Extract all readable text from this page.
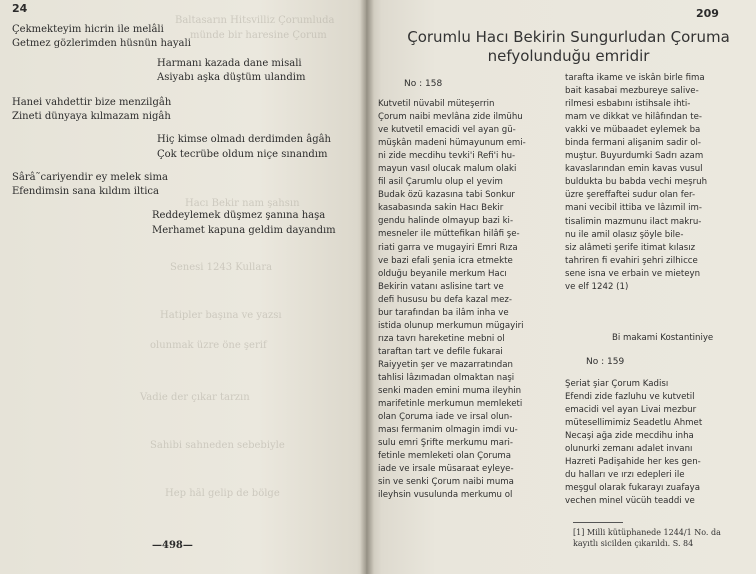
24
Baltasarın Hitsvilliz Çorumluda
münde bir haresine Çorum
Hacı Bekir nam şahsın
Senesi 1243 Kullara
Hatipler başına ve yazsı
olunmak üzre öne şerif
Vadie der çıkar tarzın
Sahibi sahneden sebebiyle
Hep hâl gelip de bölge
Çekmekteyim hicrin ile melâli
Getmez gözlerimden hüsnün hayali
Harmanı kazada dane misali
Asiyabı aşka düştüm ulandim
Hanei vahdettir bize menzilgâh
Zineti dünyaya kılmazam nigâh
Hiç kimse olmadı derdimden âgâh
Çok tecrübe oldum niçe sınandım
Sârâ˜cariyendir ey melek sima
Efendimsin sana kıldım iltica
Reddeylemek düşmez şanına haşa
Merhamet kapuna geldim dayandım
—498—
209
Çorumlu Hacı Bekirin Sungurludan Çoruma
nefyolunduğu emridir
No : 158
Kutvetil nüvabil müteşerrin
Çorum naibi mevlâna zide ilmühu
ve kutvetil emacidi vel ayan gü-
müşkân madeni hümayunum emi-
ni zide mecdihu tevki'i Refi'i hu-
mayun vasıl olucak malum olaki
fil asil Çarumlu olup el yevim
Budak özü kazasına tabi Sonkur
kasabasında sakin Hacı Bekir
gendu halinde olmayup bazi ki-
mesneler ile müttefikan hilâfi şe-
riati garra ve mugayiri Emri Rıza
ve bazi efali şenia icra etmekte
olduğu beyanile merkum Hacı
Bekirin vatanı aslisine tart ve
defi hususu bu defa kazal mez-
bur tarafından ba ilâm inha ve
istida olunup merkumun mügayiri
rıza tavrı hareketine mebni ol
taraftan tart ve defile fukarai
Raiyyetin şer ve mazarratından
tahlisi lâzımadan olmaktan naşi
senki maden emini muma ileyhin
marifetinle merkumun memleketi
olan Çoruma iade ve irsal olun-
ması fermanim olmagin imdi vu-
sulu emri Şrifte merkumu mari-
fetinle memleketi olan Çoruma
iade ve irsale müsaraat eyleye-
sin ve senki Çorum naibi muma
ileyhsin vusulunda merkumu ol
tarafta ikame ve iskân birle fima
bait kasabai mezbureye salive-
rilmesi esbabını istihsale ihti-
mam ve dikkat ve hilâfından te-
vakki ve mübaadet eylemek ba
binda fermani alişanim sadir ol-
muştur. Buyurdumki Sadrı azam
kavaslarından emin kavas vusul
buldukta bu babda vechi meşruh
üzre şereffaftei sudur olan fer-
mani vecibil ittiba ve lâzımil im-
tisalimin mazmunu ilact makru-
nu ile amil olasız şöyle bile-
siz alâmeti şerife itimat kılasız
tahriren fi evahiri şehri zilhicce
sene isna ve erbain ve mieteyn
ve elf 1242 (1)
Bi makami Kostantiniye
No : 159
Şeriat şiar Çorum Kadisı
Efendi zide fazluhu ve kutvetil
emacidi vel ayan Livai mezbur
mütesellimimiz Seadetlu Ahmet
Necaşi ağa zide mecdihu inha
olunurki zemanı adalet invanı
Hazreti Padişahide her kes gen-
du halları ve ırzı edepleri ile
meşgul olarak fukarayı zuafaya
vechen minel vücüh teaddi ve
[1] Milli kütüphanede 1244/1 No. da
kayıtlı sicilden çıkarıldı. S. 84
